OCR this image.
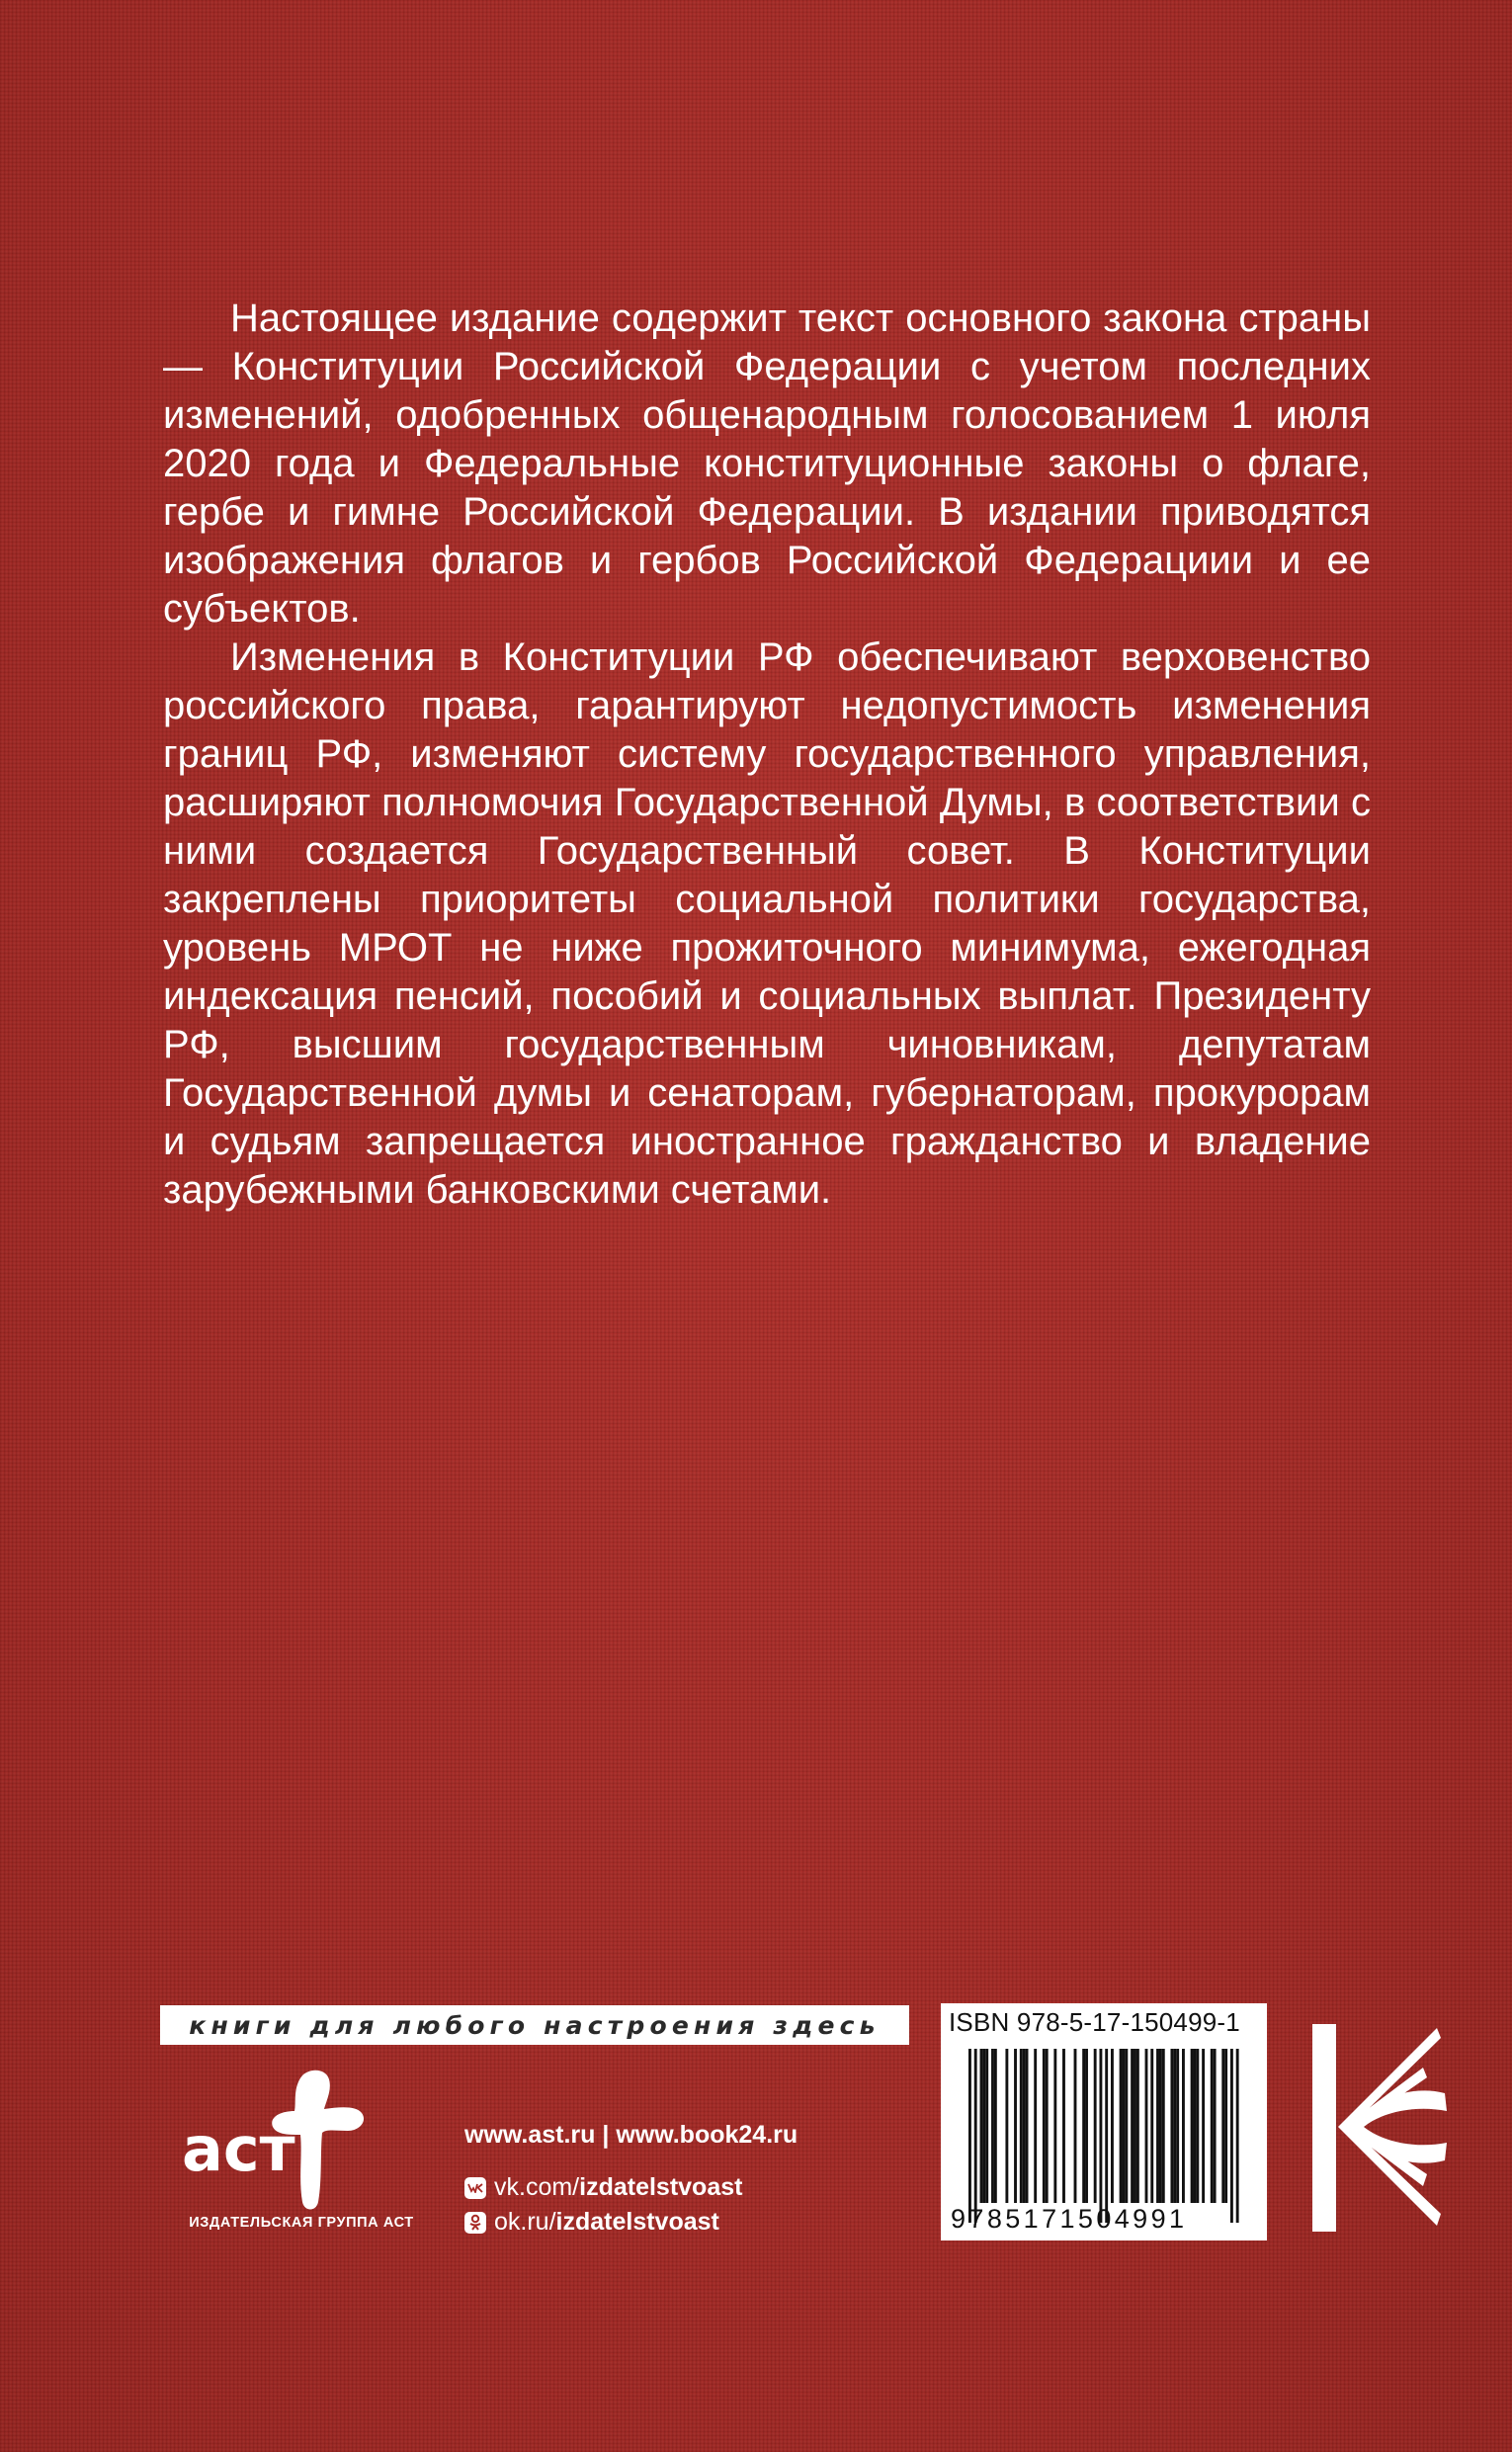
Настоящее издание содержит текст основного закона страны — Конституции Российской Федерации с учетом последних изменений, одобренных общенародным голосованием 1 июля 2020 года и Федеральные конституционные законы о флаге, гербе и гимне Российской Федерации. В издании приводятся изображения флагов и гербов Российской Федерациии и ее субъектов.

Изменения в Конституции РФ обеспечивают верховенство российского права, гарантируют недопустимость изменения границ РФ, изменяют систему государственного управления, расширяют полномочия Государственной Думы, в соответствии с ними создается Государственный совет. В Конституции закреплены приоритеты социальной политики государства, уровень МРОТ не ниже прожиточного минимума, ежегодная индексация пенсий, пособий и социальных выплат. Президенту РФ, высшим государственным чиновникам, депутатам Государственной думы и сенаторам, губернаторам, прокурорам и судьям запрещается иностранное гражданство и владение зарубежными банковскими счетами.

книги для любого настроения здесь
аст
ИЗДАТЕЛЬСКАЯ ГРУППА АСТ
www.ast.ru | www.book24.ru
vk.com/ izdatelstvoast
ok.ru/ izdatelstvoast
ISBN 978-5-17-150499-1
9785171504991
